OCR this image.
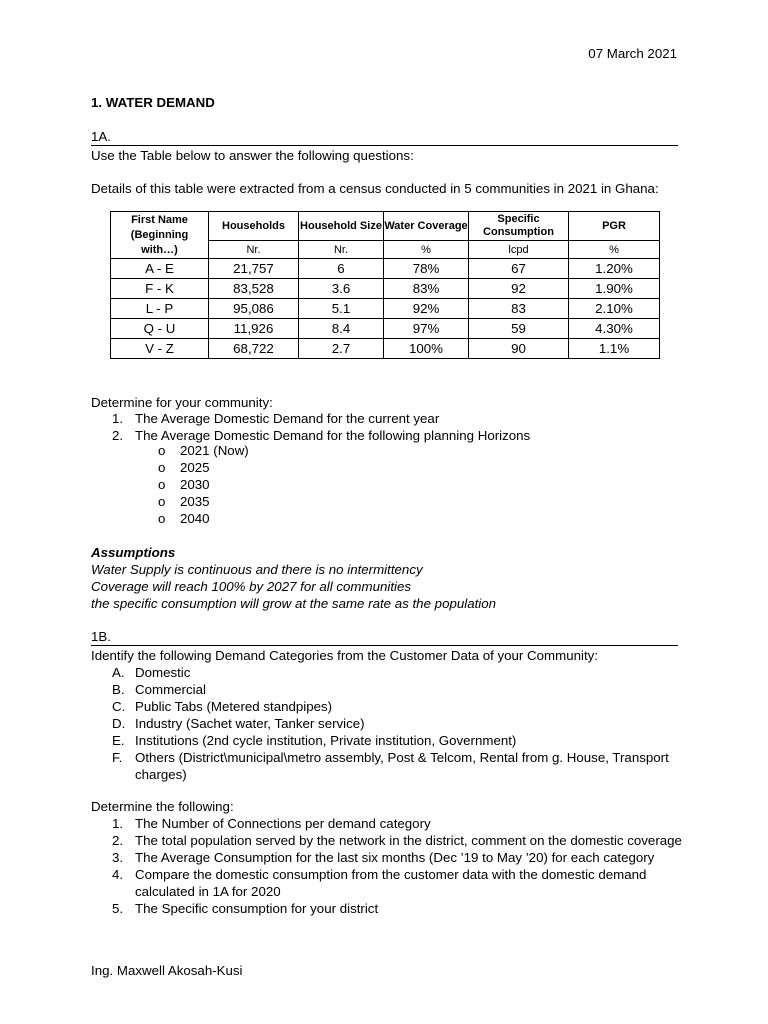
07 March 2021
1. WATER DEMAND
1A.
Use the Table below to answer the following questions:
Details of this table were extracted from a census conducted in 5 communities in 2021 in Ghana:
First Name (Beginning with…)	Households	Household Size	Water Coverage	Specific Consumption	PGR
	Nr.	Nr.	%	lcpd	%
A - E	21,757	6	78%	67	1.20%
F - K	83,528	3.6	83%	92	1.90%
L - P	95,086	5.1	92%	83	2.10%
Q - U	11,926	8.4	97%	59	4.30%
V - Z	68,722	2.7	100%	90	1.1%
Determine for your community:
1. The Average Domestic Demand for the current year
2. The Average Domestic Demand for the following planning Horizons
o 2021 (Now)
o 2025
o 2030
o 2035
o 2040
Assumptions
Water Supply is continuous and there is no intermittency
Coverage will reach 100% by 2027 for all communities
the specific consumption will grow at the same rate as the population
1B.
Identify the following Demand Categories from the Customer Data of your Community:
A. Domestic
B. Commercial
C. Public Tabs (Metered standpipes)
D. Industry (Sachet water, Tanker service)
E. Institutions (2nd cycle institution, Private institution, Government)
F. Others (District\municipal\metro assembly, Post & Telcom, Rental from g. House, Transport charges)
Determine the following:
1. The Number of Connections per demand category
2. The total population served by the network in the district, comment on the domestic coverage
3. The Average Consumption for the last six months (Dec ’19 to May ’20) for each category
4. Compare the domestic consumption from the customer data with the domestic demand calculated in 1A for 2020
5. The Specific consumption for your district
Ing. Maxwell Akosah-Kusi
